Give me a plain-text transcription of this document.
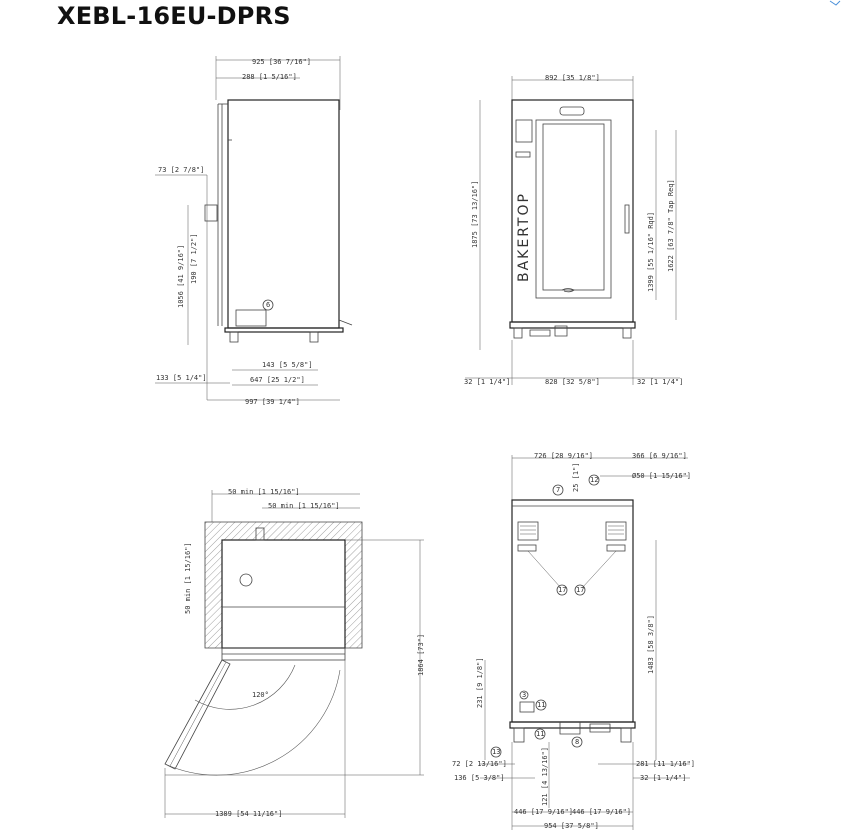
XEBL-16EU-DPRS
925 [36 7/16"]
288 [1 5/16"]
6
73 [2 7/8"]
190 [7 1/2"]
1056 [41 9/16"]
143 [5 5/8"]
133 [5 1/4"]	647 [25 1/2"]
997 [39 1/4"]
892 [35 1/8"]
BAKERTOP
1875 [73 13/16"]	1399 [55 1/16" Rqd] 1622 [63 7/8" Tap Req]
32 [1 1/4"]	828 [32 5/8"]	32 [1 1/4"]
50 min [1 15/16"]
50 min [1 15/16"]
50 min [1 15/16"]
120°
1864 [73"]
1389 [54 11/16"]
726 [28 9/16"]	366 [6 9/16"]
Ø50 [1 15/16"]
25 [1"]
7
12
17 17
3
11
13
11
8
1483 [58 3/8"]
231 [9 1/8"]
72 [2 13/16"]
136 [5 3/8"]	121 [4 13/16"]	281 [11 1/16"]
32 [1 1/4"]
446 [17 9/16"]
446 [17 9/16"]
954 [37 5/8"]
